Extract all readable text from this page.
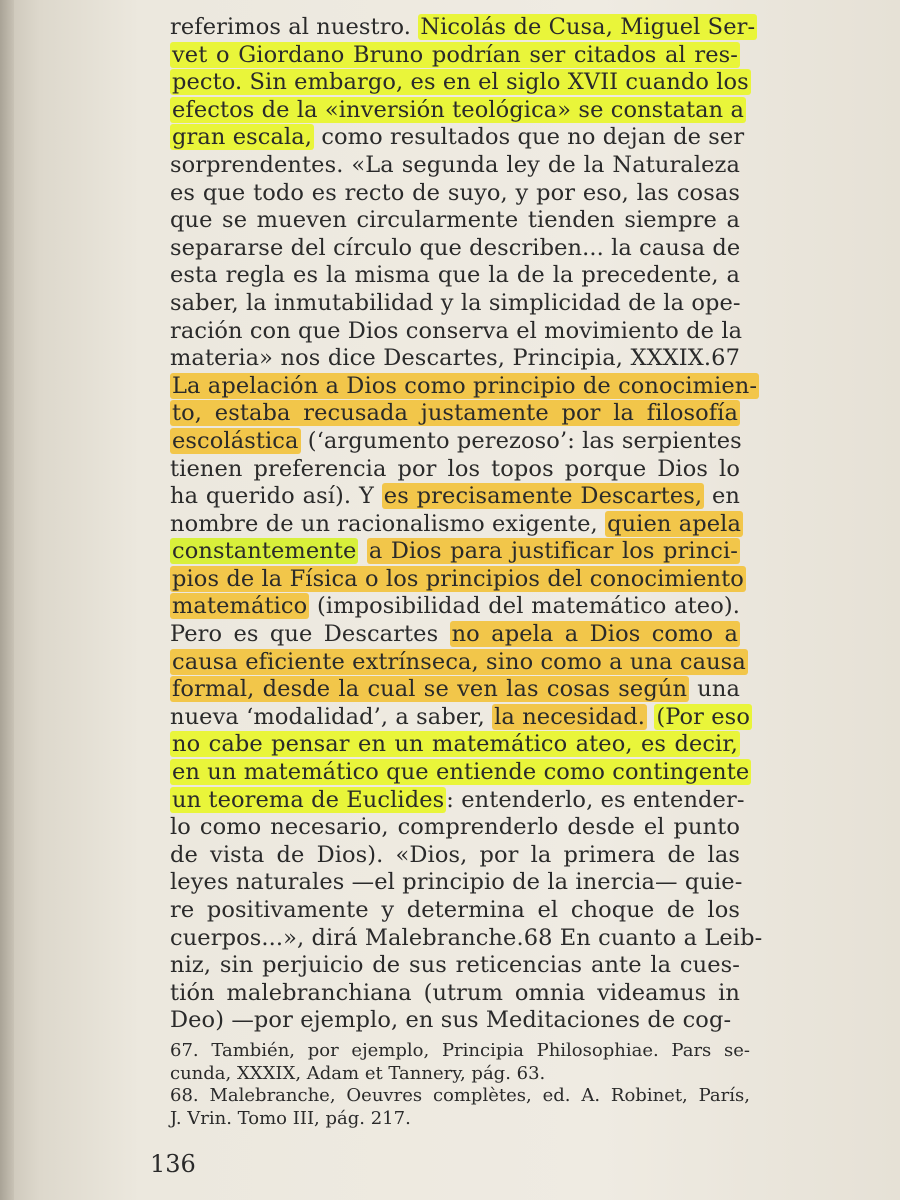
referimos al nuestro. Nicolás de Cusa, Miguel Ser-
vet o Giordano Bruno podrían ser citados al res-
pecto. Sin embargo, es en el siglo XVII cuando los
efectos de la «inversión teológica» se constatan a
gran escala, como resultados que no dejan de ser
sorprendentes. «La segunda ley de la Naturaleza
es que todo es recto de suyo, y por eso, las cosas
que se mueven circularmente tienden siempre a
separarse del círculo que describen... la causa de
esta regla es la misma que la de la precedente, a
saber, la inmutabilidad y la simplicidad de la ope-
ración con que Dios conserva el movimiento de la
materia» nos dice Descartes, Principia, XXXIX.67
La apelación a Dios como principio de conocimien-
to, estaba recusada justamente por la filosofía
escolástica (‘argumento perezoso’: las serpientes
tienen preferencia por los topos porque Dios lo
ha querido así). Y es precisamente Descartes, en
nombre de un racionalismo exigente, quien apela
constantemente a Dios para justificar los princi-
pios de la Física o los principios del conocimiento
matemático (imposibilidad del matemático ateo).
Pero es que Descartes no apela a Dios como a
causa eficiente extrínseca, sino como a una causa
formal, desde la cual se ven las cosas según una
nueva ‘modalidad’, a saber, la necesidad. (Por eso
no cabe pensar en un matemático ateo, es decir,
en un matemático que entiende como contingente
un teorema de Euclides: entenderlo, es entender-
lo como necesario, comprenderlo desde el punto
de vista de Dios). «Dios, por la primera de las
leyes naturales —el principio de la inercia— quie-
re positivamente y determina el choque de los
cuerpos...», dirá Malebranche.68 En cuanto a Leib-
niz, sin perjuicio de sus reticencias ante la cues-
tión malebranchiana (utrum omnia videamus in
Deo) —por ejemplo, en sus Meditaciones de cog-
67. También, por ejemplo, Principia Philosophiae. Pars se-
cunda, XXXIX, Adam et Tannery, pág. 63.
68. Malebranche, Oeuvres complètes, ed. A. Robinet, París,
J. Vrin. Tomo III, pág. 217.
136
